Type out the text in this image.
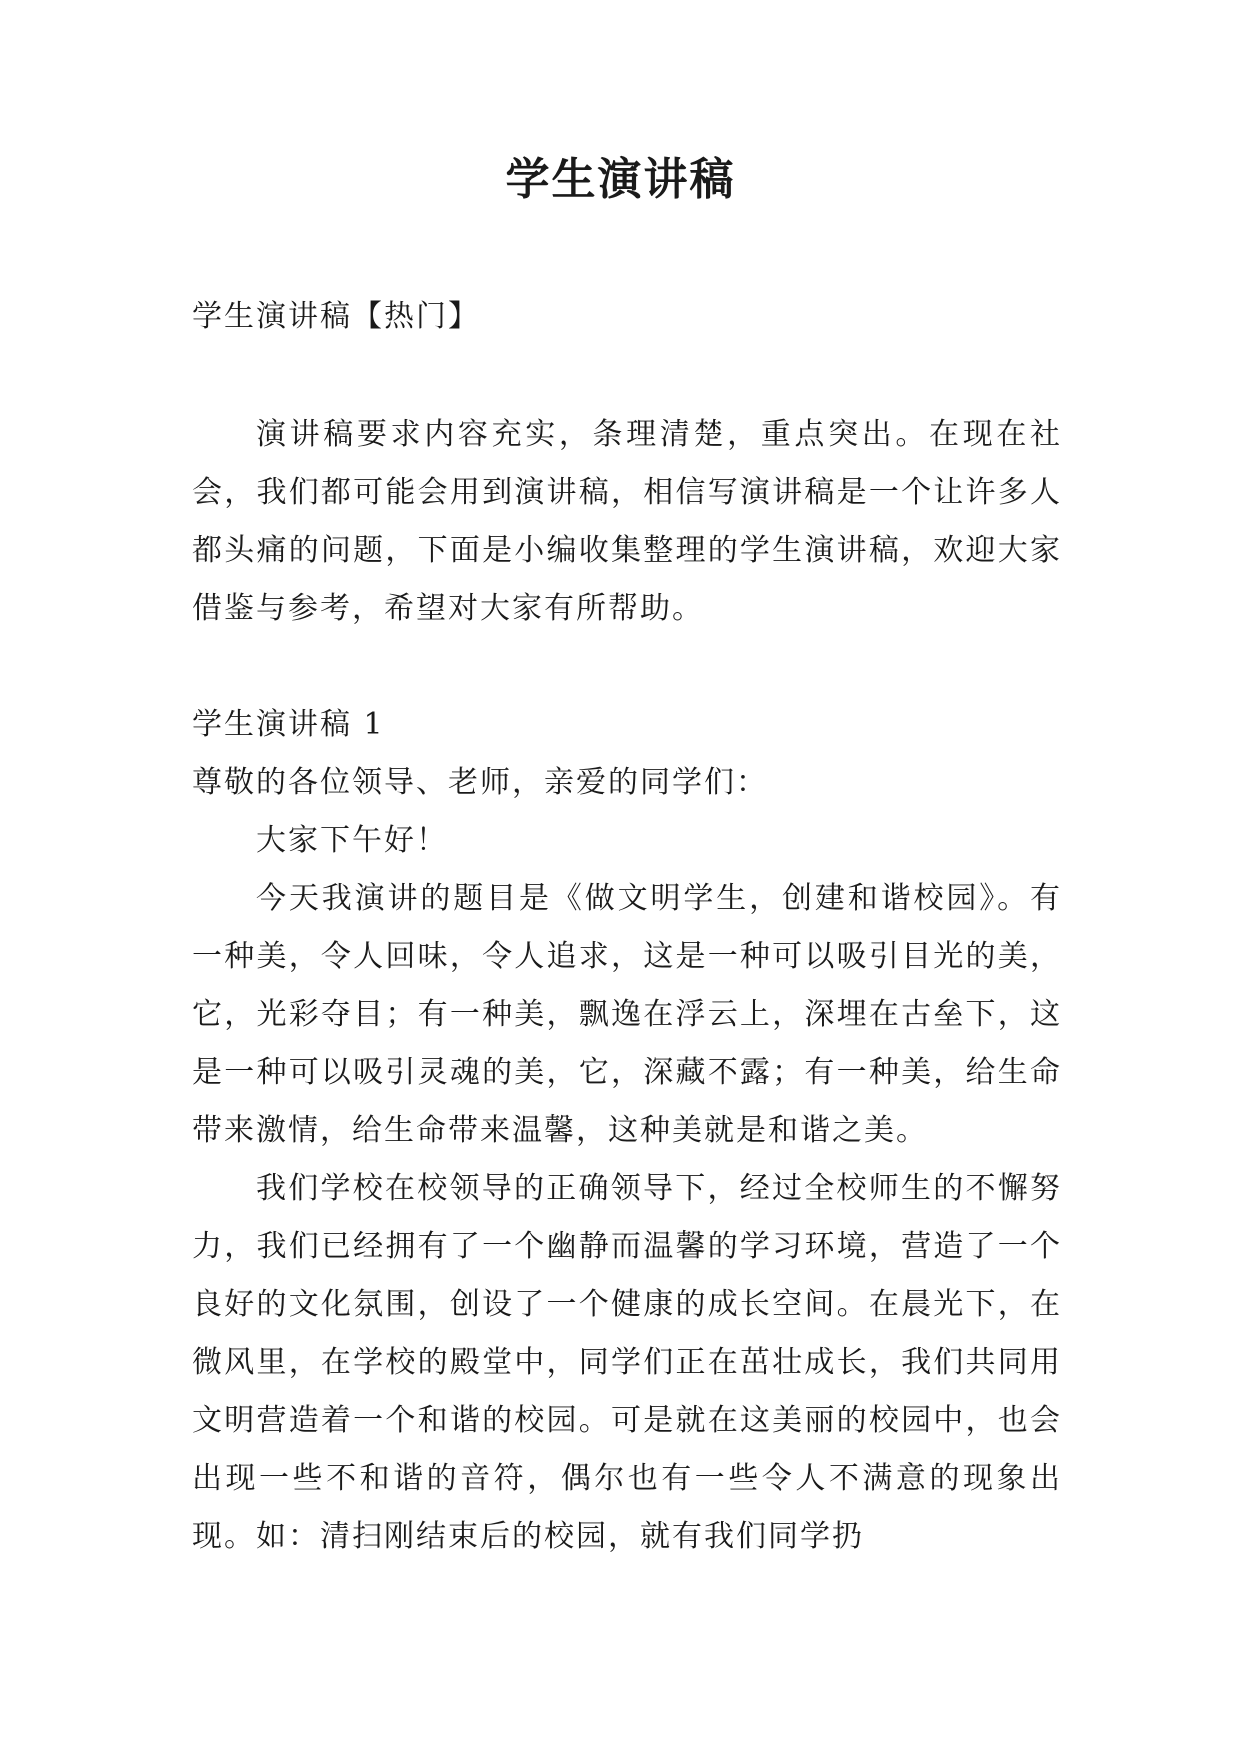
学生演讲稿

学生演讲稿【热门】

演讲稿要求内容充实，条理清楚，重点突出。在现在社会，我们都可能会用到演讲稿，相信写演讲稿是一个让许多人都头痛的问题，下面是小编收集整理的学生演讲稿，欢迎大家借鉴与参考，希望对大家有所帮助。

学生演讲稿 1

尊敬的各位领导、老师，亲爱的同学们：

大家下午好！

今天我演讲的题目是《做文明学生，创建和谐校园》。有一种美，令人回味，令人追求，这是一种可以吸引目光的美，它，光彩夺目；有一种美，飘逸在浮云上，深埋在古垒下，这是一种可以吸引灵魂的美，它，深藏不露；有一种美，给生命带来激情，给生命带来温馨，这种美就是和谐之美。

我们学校在校领导的正确领导下，经过全校师生的不懈努力，我们已经拥有了一个幽静而温馨的学习环境，营造了一个良好的文化氛围，创设了一个健康的成长空间。在晨光下，在微风里，在学校的殿堂中，同学们正在茁壮成长，我们共同用文明营造着一个和谐的校园。可是就在这美丽的校园中，也会出现一些不和谐的音符，偶尔也有一些令人不满意的现象出现。如：清扫刚结束后的校园，就有我们同学扔
